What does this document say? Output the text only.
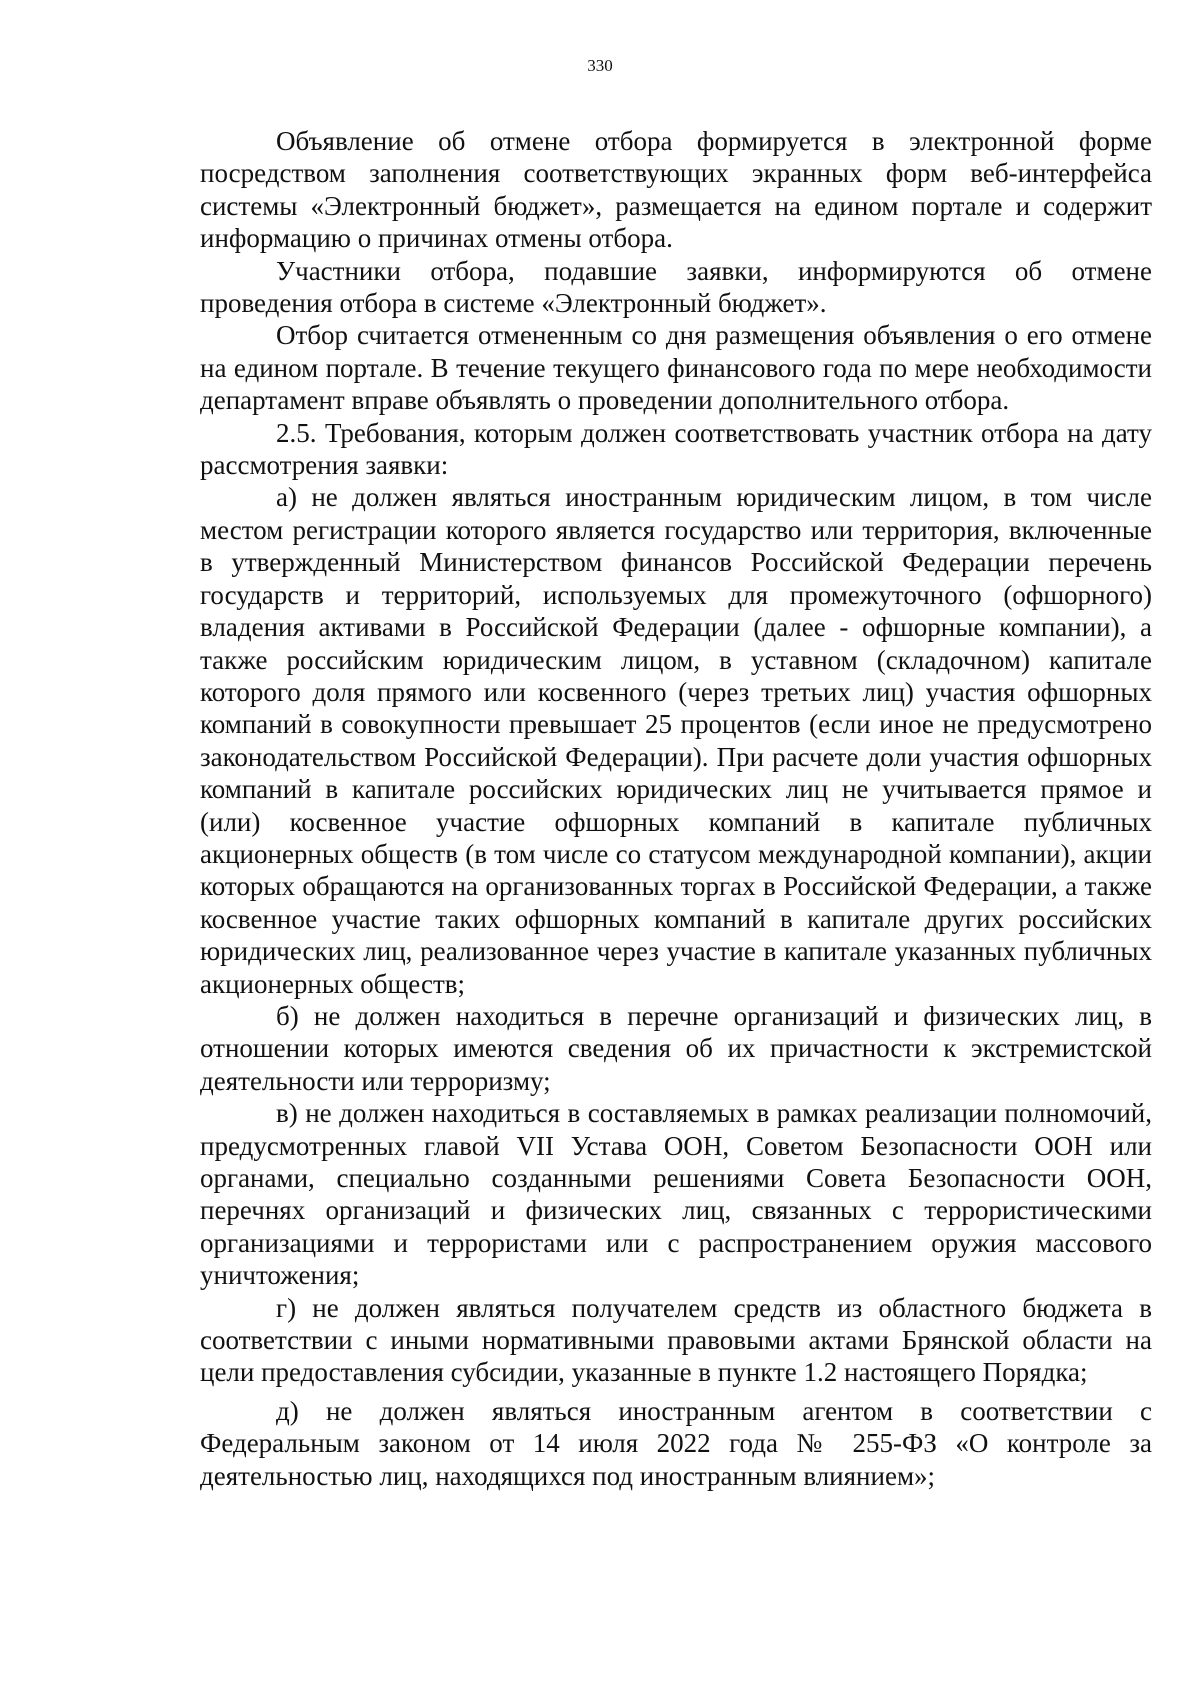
330

Объявление об отмене отбора формируется в электронной форме посредством заполнения соответствующих экранных форм веб-интерфейса системы «Электронный бюджет», размещается на едином портале и содержит информацию о причинах отмены отбора.

Участники отбора, подавшие заявки, информируются об отмене проведения отбора в системе «Электронный бюджет».

Отбор считается отмененным со дня размещения объявления о его отмене на едином портале. В течение текущего финансового года по мере необходимости департамент вправе объявлять о проведении дополнительного отбора.

2.5. Требования, которым должен соответствовать участник отбора на дату рассмотрения заявки:

а) не должен являться иностранным юридическим лицом, в том числе местом регистрации которого является государство или территория, включенные в утвержденный Министерством финансов Российской Федерации перечень государств и территорий, используемых для промежуточного (офшорного) владения активами в Российской Федерации (далее - офшорные компании), а также российским юридическим лицом, в уставном (складочном) капитале которого доля прямого или косвенного (через третьих лиц) участия офшорных компаний в совокупности превышает 25 процентов (если иное не предусмотрено законодательством Российской Федерации). При расчете доли участия офшорных компаний в капитале российских юридических лиц не учитывается прямое и (или) косвенное участие офшорных компаний в капитале публичных акционерных обществ (в том числе со статусом международной компании), акции которых обращаются на организованных торгах в Российской Федерации, а также косвенное участие таких офшорных компаний в капитале других российских юридических лиц, реализованное через участие в капитале указанных публичных акционерных обществ;

б) не должен находиться в перечне организаций и физических лиц, в отношении которых имеются сведения об их причастности к экстремистской деятельности или терроризму;

в) не должен находиться в составляемых в рамках реализации полномочий, предусмотренных главой VII Устава ООН, Советом Безопасности ООН или органами, специально созданными решениями Совета Безопасности ООН, перечнях организаций и физических лиц, связанных с террористическими организациями и террористами или с распространением оружия массового уничтожения;

г) не должен являться получателем средств из областного бюджета в соответствии с иными нормативными правовыми актами Брянской области на цели предоставления субсидии, указанные в пункте 1.2 настоящего Порядка;

д) не должен являться иностранным агентом в соответствии с Федеральным законом от 14 июля 2022 года № 255-ФЗ «О контроле за деятельностью лиц, находящихся под иностранным влиянием»;
